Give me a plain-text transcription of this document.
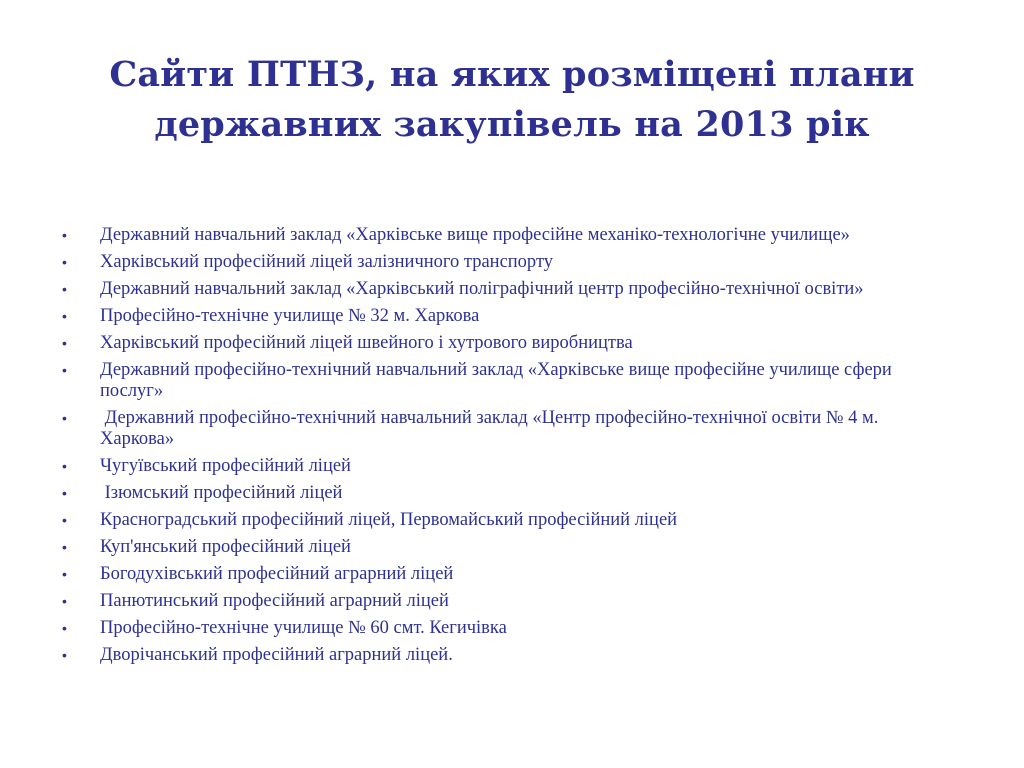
Сайти ПТНЗ, на яких розміщені плани
державних закупівель на 2013 рік
• Державний навчальний заклад «Харківське вище професійне механіко-технологічне училище»
• Харківський професійний ліцей залізничного транспорту
• Державний навчальний заклад «Харківський поліграфічний центр професійно-технічної освіти»
• Професійно-технічне училище № 32 м. Харкова
• Харківський професійний ліцей швейного і хутрового виробництва
• Державний професійно-технічний навчальний заклад «Харківське вище професійне училище сфери послуг»
• Державний професійно-технічний навчальний заклад «Центр професійно-технічної освіти № 4 м. Харкова»
• Чугуївський професійний ліцей
• Ізюмський професійний ліцей
• Красноградський професійний ліцей, Первомайський професійний ліцей
• Куп'янський професійний ліцей
• Богодухівський професійний аграрний ліцей
• Панютинський професійний аграрний ліцей
• Професійно-технічне училище № 60 смт. Кегичівка
• Дворічанський професійний аграрний ліцей.
